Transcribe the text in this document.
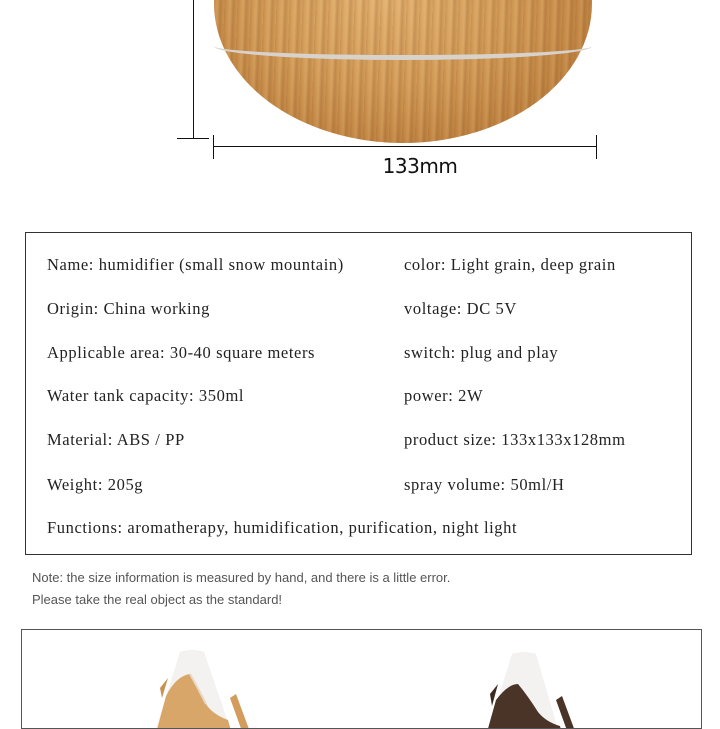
133mm
Name: humidifier (small snow mountain)	color: Light grain, deep grain
Origin: China working	voltage: DC 5V
Applicable area: 30-40 square meters	switch: plug and play
Water tank capacity: 350ml	power: 2W
Material: ABS / PP	product size: 133x133x128mm
Weight: 205g	spray volume: 50ml/H
Functions: aromatherapy, humidification, purification, night light
Note: the size information is measured by hand, and there is a little error.
Please take the real object as the standard!
